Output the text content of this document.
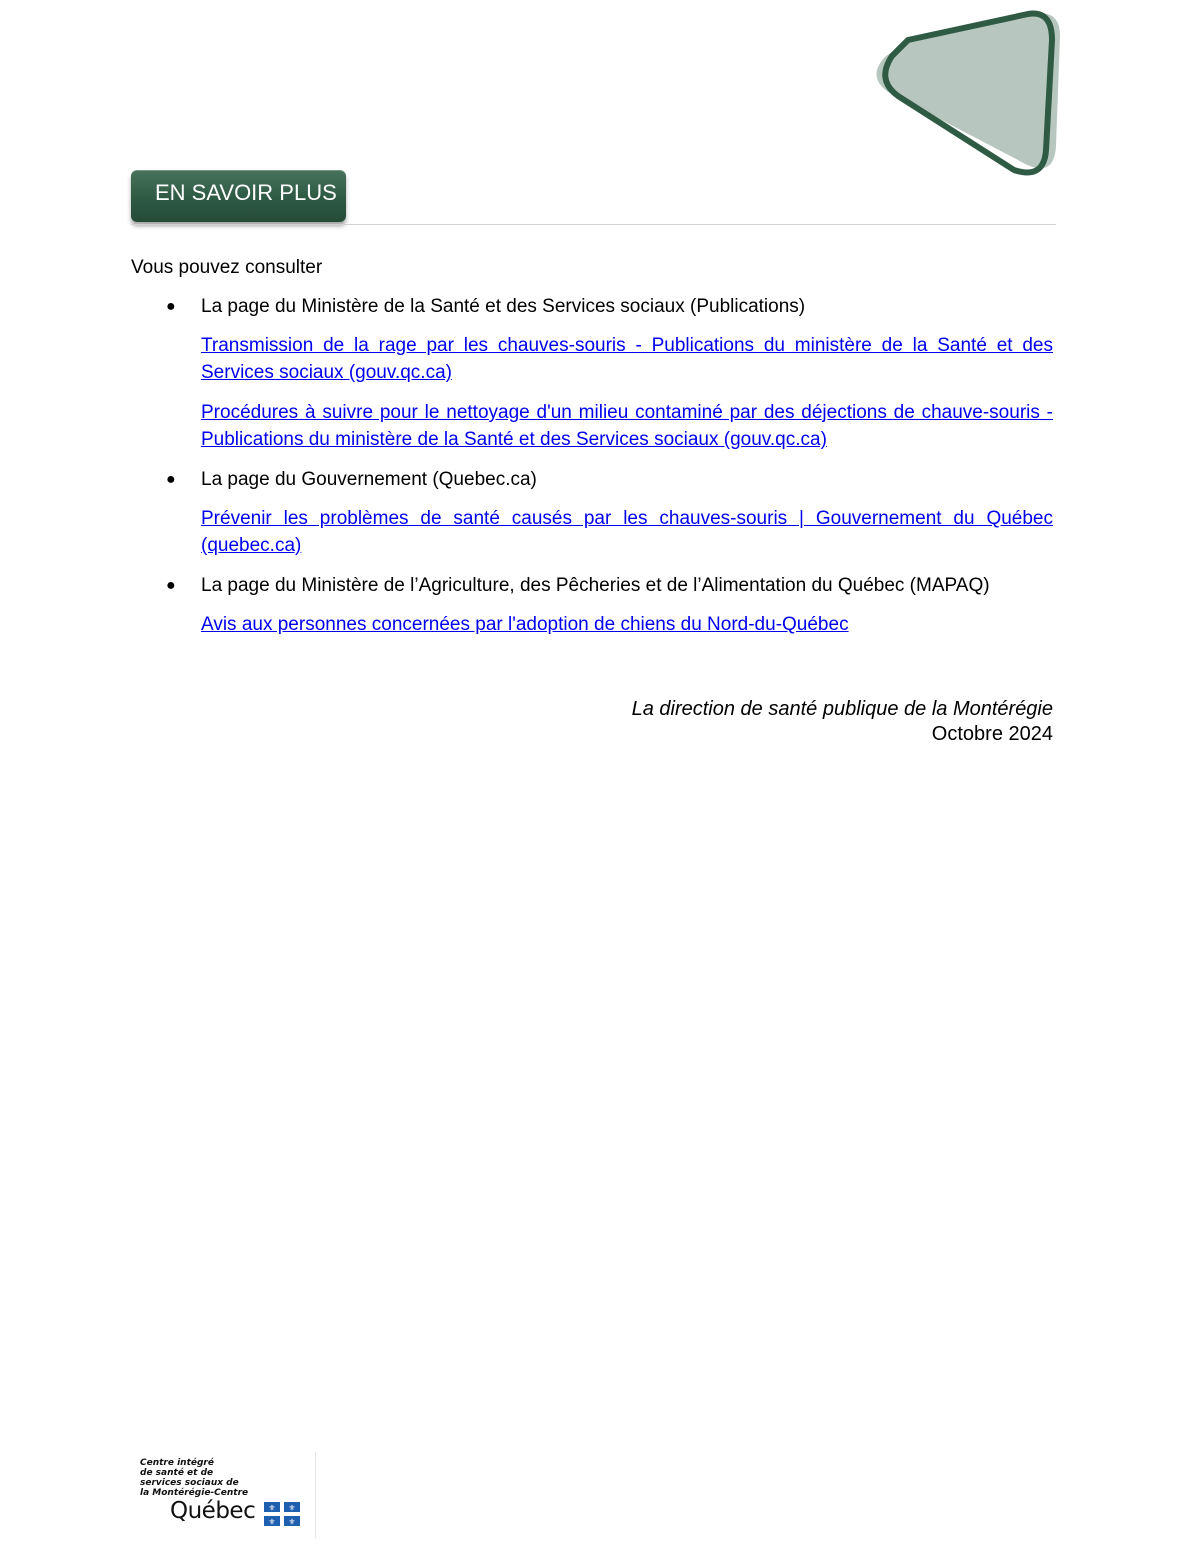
EN SAVOIR PLUS
Vous pouvez consulter
●	La page du Ministère de la Santé et des Services sociaux (Publications)
Transmission de la rage par les chauves-souris - Publications du ministère de la Santé et des Services sociaux (gouv.qc.ca)
Procédures à suivre pour le nettoyage d'un milieu contaminé par des déjections de chauve-souris - Publications du ministère de la Santé et des Services sociaux (gouv.qc.ca)
●	La page du Gouvernement (Quebec.ca)
Prévenir les problèmes de santé causés par les chauves-souris | Gouvernement du Québec (quebec.ca)
●	La page du Ministère de l’Agriculture, des Pêcheries et de l’Alimentation du Québec (MAPAQ)
Avis aux personnes concernées par l'adoption de chiens du Nord-du-Québec
La direction de santé publique de la Montérégie
Octobre 2024
Centre intégré
de santé et de
services sociaux de
la Montérégie-Centre
Québec ⚜ ⚜
⚜ ⚜
